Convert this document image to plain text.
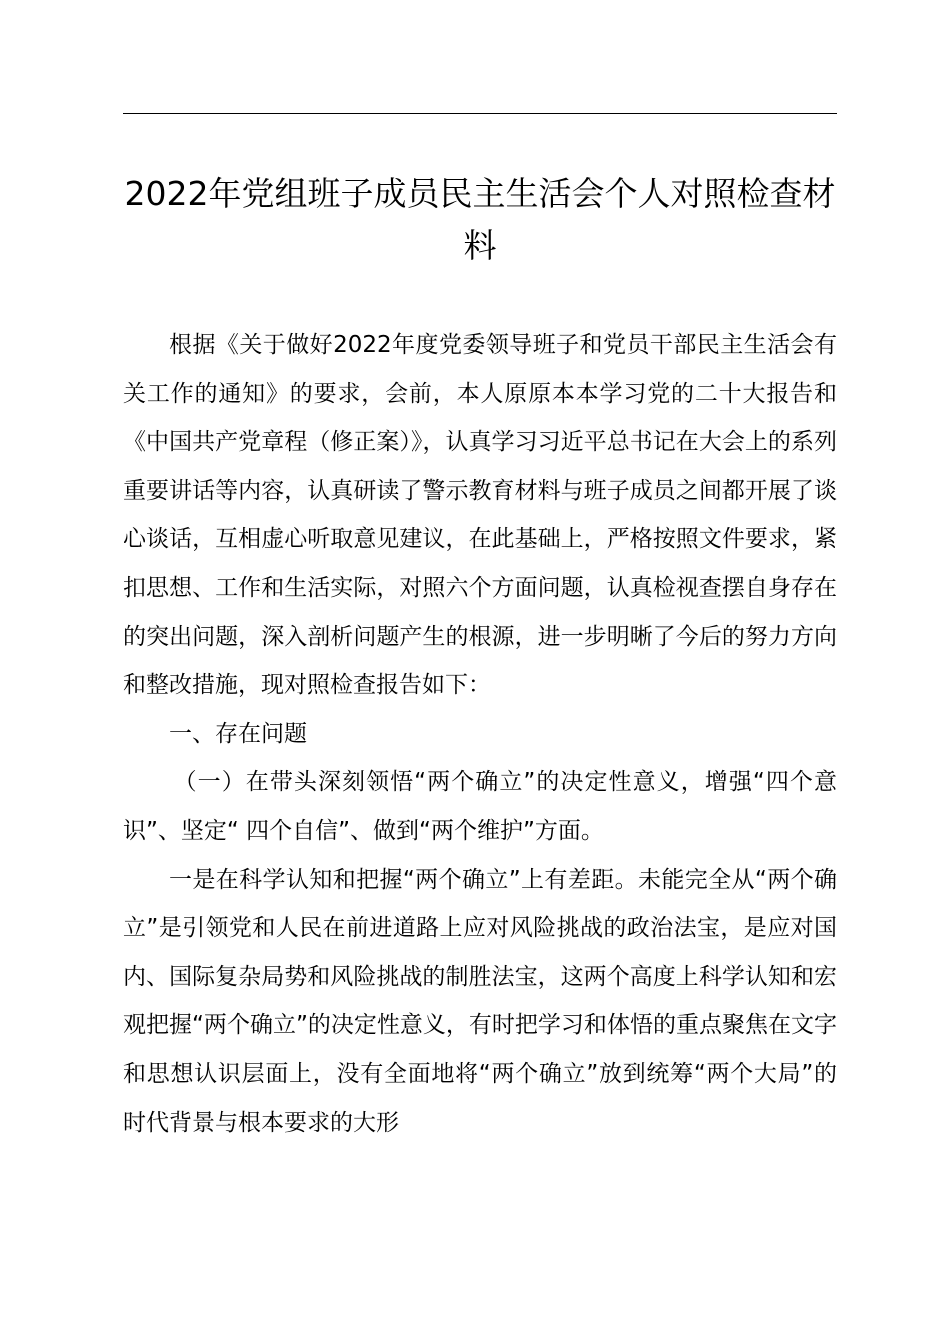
2022年党组班子成员民主生活会个人对照检查材料

根据《关于做好2022年度党委领导班子和党员干部民主生活会有关工作的通知》的要求，会前，本人原原本本学习党的二十大报告和《中国共产党章程（修正案）》，认真学习习近平总书记在大会上的系列重要讲话等内容，认真研读了警示教育材料与班子成员之间都开展了谈心谈话，互相虚心听取意见建议，在此基础上，严格按照文件要求，紧扣思想、工作和生活实际，对照六个方面问题，认真检视查摆自身存在的突出问题，深入剖析问题产生的根源，进一步明晰了今后的努力方向和整改措施，现对照检查报告如下：

一、存在问题

（一）在带头深刻领悟“两个确立”的决定性意义，增强“四个意识”、坚定“ 四个自信”、做到“两个维护”方面。

一是在科学认知和把握“两个确立”上有差距。未能完全从“两个确立”是引领党和人民在前进道路上应对风险挑战的政治法宝，是应对国内、国际复杂局势和风险挑战的制胜法宝，这两个高度上科学认知和宏观把握“两个确立”的决定性意义，有时把学习和体悟的重点聚焦在文字和思想认识层面上，没有全面地将“两个确立”放到统筹“两个大局”的时代背景与根本要求的大形
